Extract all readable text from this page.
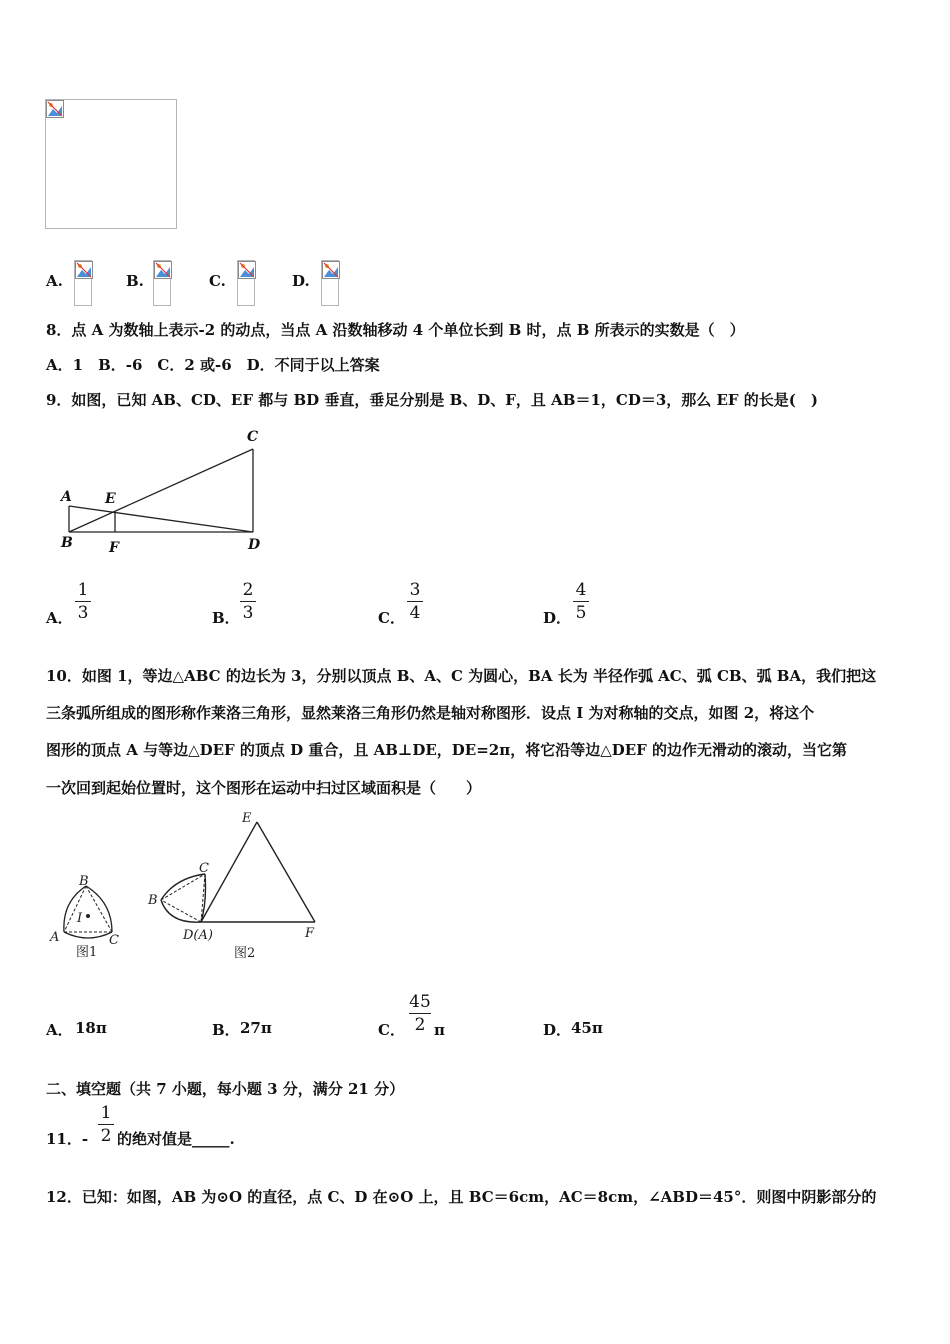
A.	B.	C.	D.
8．点 A 为数轴上表示-2 的动点，当点 A 沿数轴移动 4 个单位长到 B 时，点 B 所表示的实数是（　）
A．1　B．-6　C．2 或-6　D．不同于以上答案
9．如图，已知 AB、CD、EF 都与 BD 垂直，垂足分别是 B、D、F，且 AB＝1，CD＝3，那么 EF 的长是(　)
A
B
C
D
E
F
A．
1
3	B．
2
3	C．
3
4	D．
4
5
10．如图 1，等边△ABC 的边长为 3，分别以顶点 B、A、C 为圆心，BA 长为 半径作弧 AC、弧 CB、弧 BA，我们把这
三条弧所组成的图形称作莱洛三角形，显然莱洛三角形仍然是轴对称图形．设点 I 为对称轴的交点，如图 2，将这个
图形的顶点 A 与等边△DEF 的顶点 D 重合，且 AB⊥DE，DE=2π，将它沿等边△DEF 的边作无滑动的滚动，当它第
一次回到起始位置时，这个图形在运动中扫过区域面积是（　　）
B
I
A	C
图1
E
C
B
D(A)	F
图2
A． 18π	B． 27π	C．
45
2 π	D． 45π
二、填空题（共 7 小题，每小题 3 分，满分 21 分）
11．-
1
2 的绝对值是_____.
12．已知：如图，AB 为⊙O 的直径，点 C、D 在⊙O 上，且 BC＝6cm，AC＝8cm，∠ABD＝45°．则图中阴影部分的
